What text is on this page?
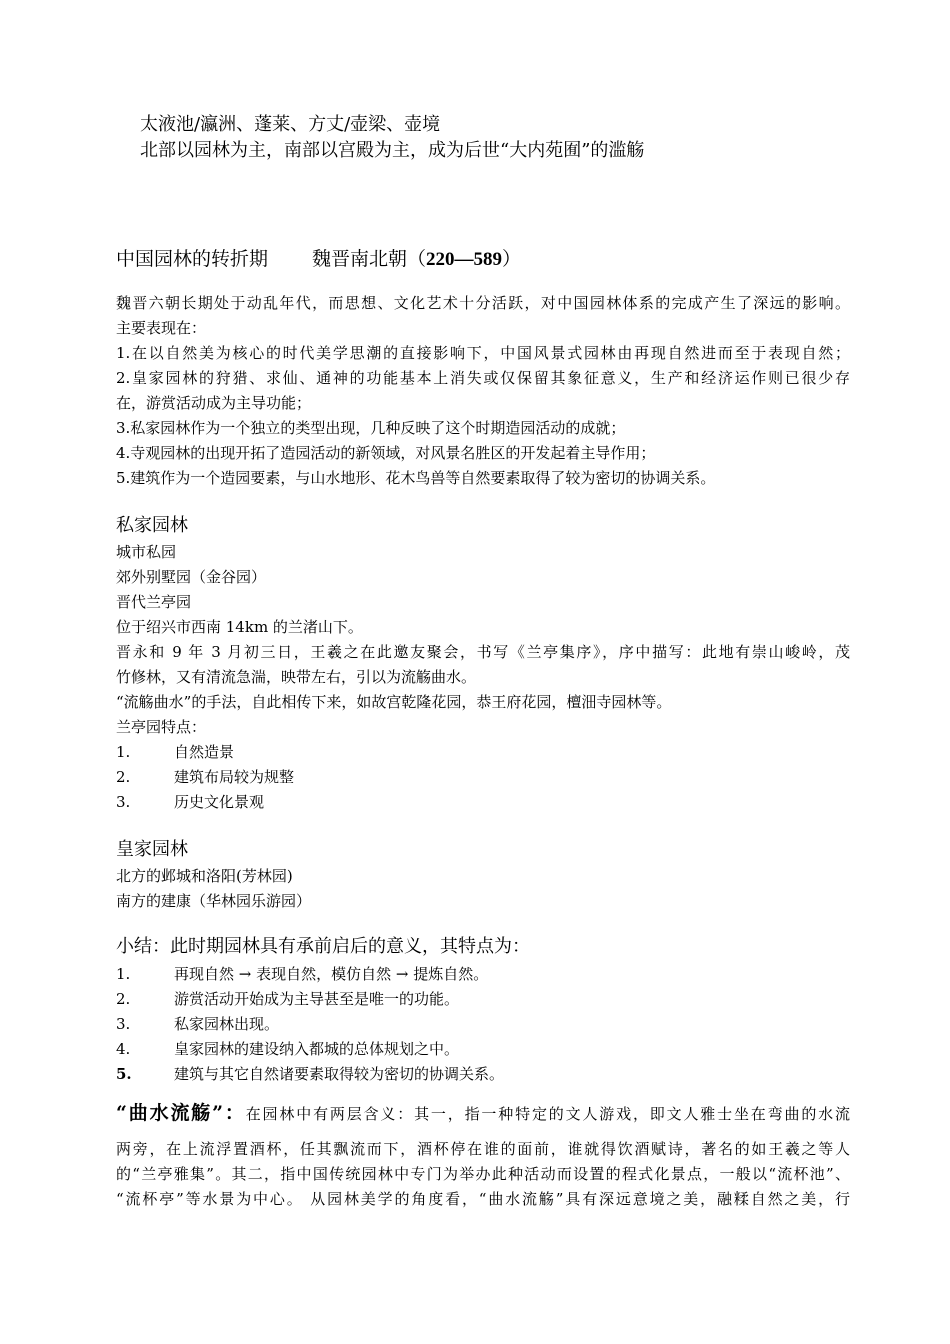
太液池/瀛洲、蓬莱、方丈/壶梁、壶境
北部以园林为主，南部以宫殿为主，成为后世“大内苑囿”的滥觞
中国园林的转折期 魏晋南北朝（220—589）
魏晋六朝长期处于动乱年代，而思想、文化艺术十分活跃，对中国园林体系的完成产生了深远的影响。
主要表现在：
1.在以自然美为核心的时代美学思潮的直接影响下，中国风景式园林由再现自然进而至于表现自然；
2.皇家园林的狩猎、求仙、通神的功能基本上消失或仅保留其象征意义，生产和经济运作则已很少存
在，游赏活动成为主导功能；
3.私家园林作为一个独立的类型出现，几种反映了这个时期造园活动的成就；
4.寺观园林的出现开拓了造园活动的新领域，对风景名胜区的开发起着主导作用；
5.建筑作为一个造园要素，与山水地形、花木鸟兽等自然要素取得了较为密切的协调关系。
私家园林
城市私园
郊外别墅园（金谷园）
晋代兰亭园
位于绍兴市西南 14km 的兰渚山下。
晋永和 9 年 3 月初三日，王羲之在此邀友聚会，书写《兰亭集序》，序中描写：此地有崇山峻岭，茂
竹修林，又有清流急湍，映带左右，引以为流觞曲水。
“流觞曲水”的手法，自此相传下来，如故宫乾隆花园，恭王府花园，檀沺寺园林等。
兰亭园特点：
1.	自然造景
2.	建筑布局较为规整
3.	历史文化景观
皇家园林
北方的邺城和洛阳(芳林园)
南方的建康（华林园乐游园）
小结：此时期园林具有承前启后的意义，其特点为：
1.	再现自然 → 表现自然，模仿自然 → 提炼自然。
2.	游赏活动开始成为主导甚至是唯一的功能。
3.	私家园林出现。
4.	皇家园林的建设纳入都城的总体规划之中。
5.	建筑与其它自然诸要素取得较为密切的协调关系。
“曲水流觞”：在园林中有两层含义：其一，指一种特定的文人游戏，即文人雅士坐在弯曲的水流
两旁，在上流浮置酒杯，任其飘流而下，酒杯停在谁的面前，谁就得饮酒赋诗，著名的如王羲之等人
的“兰亭雅集”。其二，指中国传统园林中专门为举办此种活动而设置的程式化景点，一般以“流杯池”、
“流杯亭”等水景为中心。 从园林美学的角度看，“曲水流觞”具有深远意境之美，融糅自然之美，行
